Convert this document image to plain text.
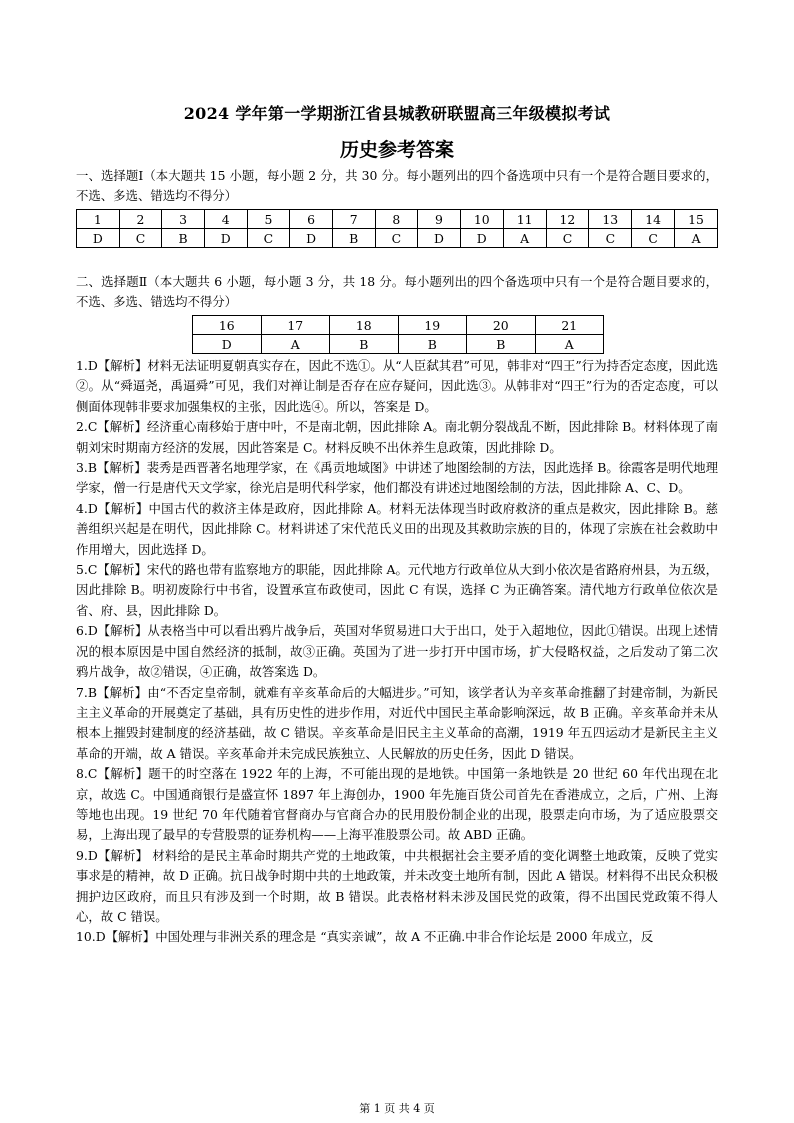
2024 学年第一学期浙江省县城教研联盟高三年级模拟考试
历史参考答案

一、选择题Ⅰ（本大题共 15 小题，每小题 2 分，共 30 分。每小题列出的四个备选项中只有一个是符合题目要求的，不选、多选、错选均不得分）

1	2	3	4	5	6	7	8	9	10	11	12	13	14	15
D	C	B	D	C	D	B	C	D	D	A	C	C	C	A

二、选择题Ⅱ（本大题共 6 小题，每小题 3 分，共 18 分。每小题列出的四个备选项中只有一个是符合题目要求的，不选、多选、错选均不得分）

16	17	18	19	20	21
D	A	B	B	B	A

1.D【解析】材料无法证明夏朝真实存在，因此不选①。从“人臣弑其君”可见，韩非对“四王”行为持否定态度，因此选②。从“舜逼尧，禹逼舜”可见，我们对禅让制是否存在应存疑问，因此选③。从韩非对“四王”行为的否定态度，可以侧面体现韩非要求加强集权的主张，因此选④。所以，答案是 D。

2.C【解析】经济重心南移始于唐中叶，不是南北朝，因此排除 A。南北朝分裂战乱不断，因此排除 B。材料体现了南朝刘宋时期南方经济的发展，因此答案是 C。材料反映不出休养生息政策，因此排除 D。

3.B【解析】裴秀是西晋著名地理学家，在《禹贡地域图》中讲述了地图绘制的方法，因此选择 B。徐霞客是明代地理学家，僧一行是唐代天文学家，徐光启是明代科学家，他们都没有讲述过地图绘制的方法，因此排除 A、C、D。

4.D【解析】中国古代的救济主体是政府，因此排除 A。材料无法体现当时政府救济的重点是救灾，因此排除 B。慈善组织兴起是在明代，因此排除 C。材料讲述了宋代范氏义田的出现及其救助宗族的目的，体现了宗族在社会救助中作用增大，因此选择 D。

5.C【解析】宋代的路也带有监察地方的职能，因此排除 A。元代地方行政单位从大到小依次是省路府州县，为五级，因此排除 B。明初废除行中书省，设置承宣布政使司，因此 C 有误，选择 C 为正确答案。清代地方行政单位依次是省、府、县，因此排除 D。

6.D【解析】从表格当中可以看出鸦片战争后，英国对华贸易进口大于出口，处于入超地位，因此①错误。出现上述情况的根本原因是中国自然经济的抵制，故③正确。英国为了进一步打开中国市场，扩大侵略权益，之后发动了第二次鸦片战争，故②错误，④正确，故答案选 D。

7.B【解析】由“不否定皇帝制，就难有辛亥革命后的大幅进步。”可知，该学者认为辛亥革命推翻了封建帝制，为新民主主义革命的开展奠定了基础，具有历史性的进步作用，对近代中国民主革命影响深远，故 B 正确。辛亥革命并未从根本上摧毁封建制度的经济基础，故 C 错误。辛亥革命是旧民主主义革命的高潮，1919 年五四运动才是新民主主义革命的开端，故 A 错误。辛亥革命并未完成民族独立、人民解放的历史任务，因此 D 错误。

8.C【解析】题干的时空落在 1922 年的上海，不可能出现的是地铁。中国第一条地铁是 20 世纪 60 年代出现在北京，故选 C。中国通商银行是盛宣怀 1897 年上海创办，1900 年先施百货公司首先在香港成立，之后，广州、上海等地也出现。19 世纪 70 年代随着官督商办与官商合办的民用股份制企业的出现，股票走向市场，为了适应股票交易，上海出现了最早的专营股票的证券机构——上海平准股票公司。故 ABD 正确。

9.D【解析】 材料给的是民主革命时期共产党的土地政策，中共根据社会主要矛盾的变化调整土地政策，反映了党实事求是的精神，故 D 正确。抗日战争时期中共的土地政策，并未改变土地所有制，因此 A 错误。材料得不出民众积极拥护边区政府，而且只有涉及到一个时期，故 B 错误。此表格材料未涉及国民党的政策，得不出国民党政策不得人心，故 C 错误。

10.D【解析】中国处理与非洲关系的理念是 “真实亲诚”，故 A 不正确.中非合作论坛是 2000 年成立，反

第 1 页 共 4 页
